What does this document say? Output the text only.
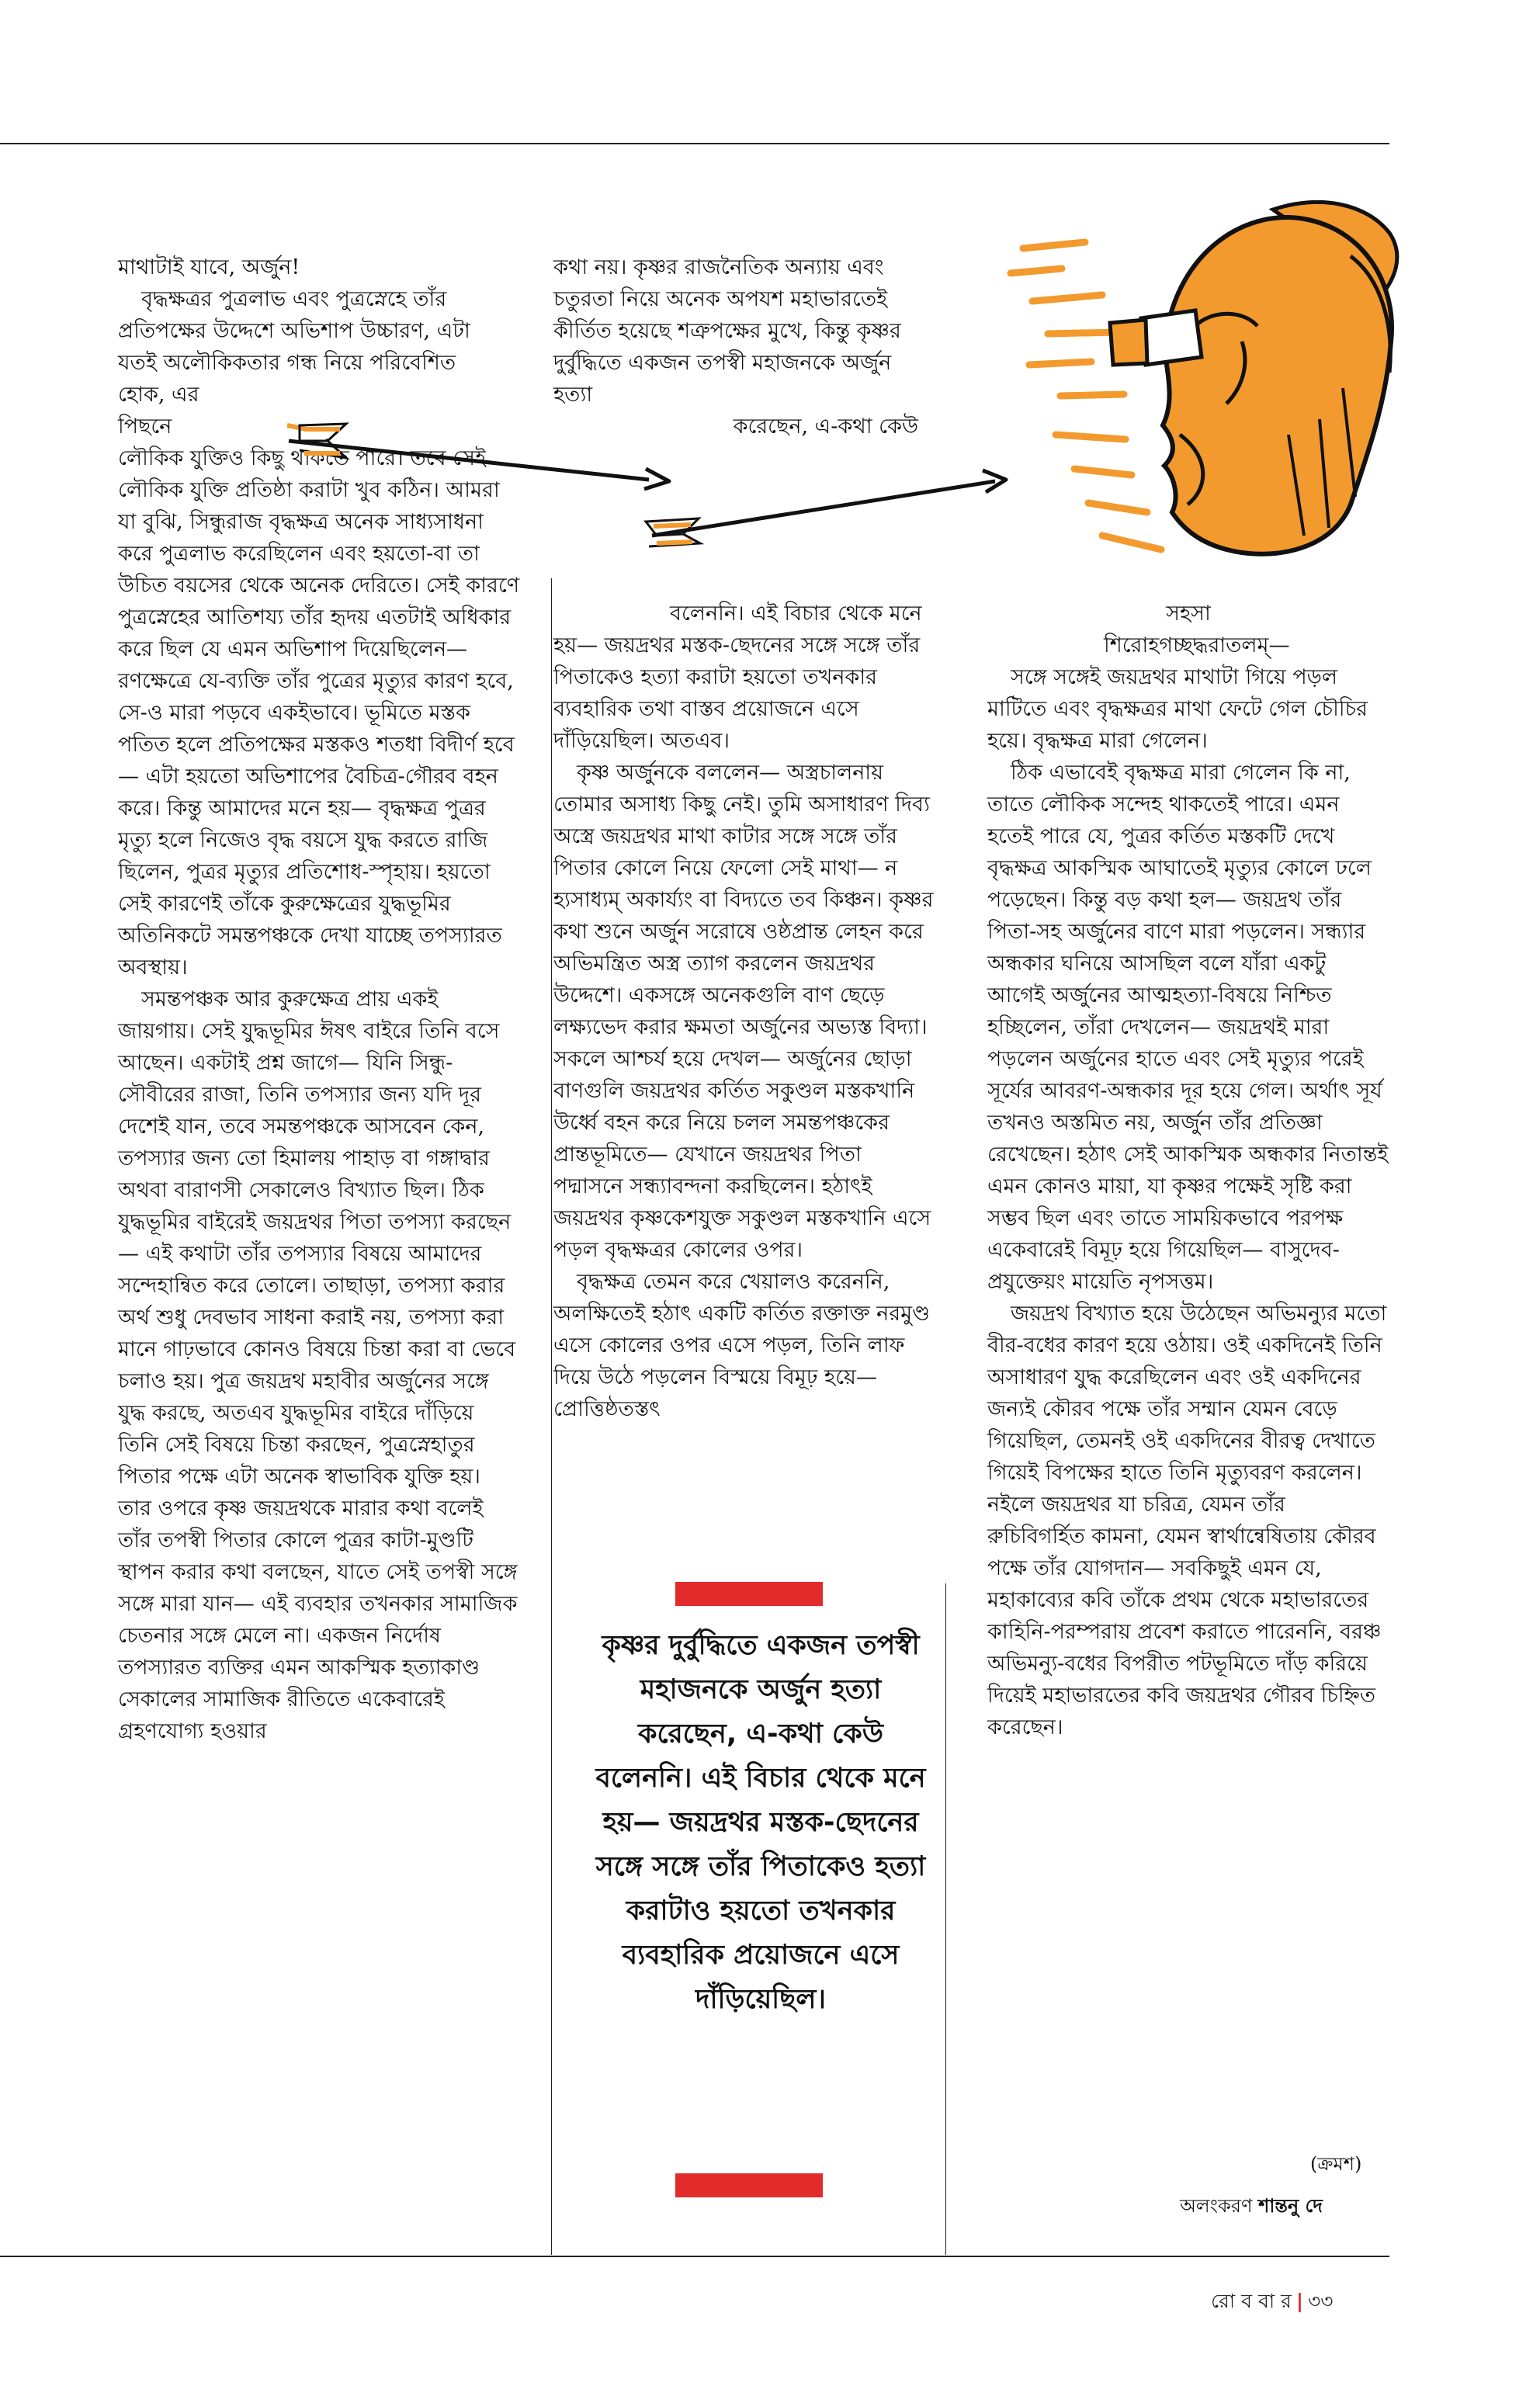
মাথাটাই যাবে, অর্জুন!

বৃদ্ধক্ষত্রর পুত্রলাভ এবং পুত্রস্নেহে তাঁর প্রতিপক্ষের উদ্দেশে অভিশাপ উচ্চারণ, এটা যতই অলৌকিকতার গন্ধ নিয়ে পরিবেশিত

হোক, এর

পিছনে

লৌকিক যুক্তিও কিছু থাকতে পারে। তবে সেই লৌকিক যুক্তি প্রতিষ্ঠা করাটা খুব কঠিন। আমরা যা বুঝি, সিন্ধুরাজ বৃদ্ধক্ষত্র অনেক সাধ্যসাধনা করে পুত্রলাভ করেছিলেন এবং হয়তো-বা তা উচিত বয়সের থেকে অনেক দেরিতে। সেই কারণে পুত্রস্নেহের আতিশয্য তাঁর হৃদয় এতটাই অধিকার করে ছিল যে এমন অভিশাপ দিয়েছিলেন— রণক্ষেত্রে যে-ব্যক্তি তাঁর পুত্রের মৃত্যুর কারণ হবে, সে-ও মারা পড়বে একইভাবে। ভূমিতে মস্তক পতিত হলে প্রতিপক্ষের মস্তকও শতধা বিদীর্ণ হবে— এটা হয়তো অভিশাপের বৈচিত্র-গৌরব বহন করে। কিন্তু আমাদের মনে হয়— বৃদ্ধক্ষত্র পুত্রর মৃত্যু হলে নিজেও বৃদ্ধ বয়সে যুদ্ধ করতে রাজি ছিলেন, পুত্রর মৃত্যুর প্রতিশোধ-স্পৃহায়। হয়তো সেই কারণেই তাঁকে কুরুক্ষেত্রের যুদ্ধভূমির অতিনিকটে সমন্তপঞ্চকে দেখা যাচ্ছে তপস্যারত অবস্থায়।

সমন্তপঞ্চক আর কুরুক্ষেত্র প্রায় একই জায়গায়। সেই যুদ্ধভূমির ঈষৎ বাইরে তিনি বসে আছেন। একটাই প্রশ্ন জাগে— যিনি সিন্ধু-সৌবীরের রাজা, তিনি তপস্যার জন্য যদি দূর দেশেই যান, তবে সমন্তপঞ্চকে আসবেন কেন, তপস্যার জন্য তো হিমালয় পাহাড় বা গঙ্গাদ্বার অথবা বারাণসী সেকালেও বিখ্যাত ছিল। ঠিক যুদ্ধভূমির বাইরেই জয়দ্রথর পিতা তপস্যা করছেন— এই কথাটা তাঁর তপস্যার বিষয়ে আমাদের সন্দেহান্বিত করে তোলে। তাছাড়া, তপস্যা করার অর্থ শুধু দেবভাব সাধনা করাই নয়, তপস্যা করা মানে গাঢ়ভাবে কোনও বিষয়ে চিন্তা করা বা ভেবে চলাও হয়। পুত্র জয়দ্রথ মহাবীর অর্জুনের সঙ্গে যুদ্ধ করছে, অতএব যুদ্ধভূমির বাইরে দাঁড়িয়ে তিনি সেই বিষয়ে চিন্তা করছেন, পুত্রস্নেহাতুর পিতার পক্ষে এটা অনেক স্বাভাবিক যুক্তি হয়। তার ওপরে কৃষ্ণ জয়দ্রথকে মারার কথা বলেই তাঁর তপস্বী পিতার কোলে পুত্রর কাটা-মুণ্ডটি স্থাপন করার কথা বলছেন, যাতে সেই তপস্বী সঙ্গে সঙ্গে মারা যান— এই ব্যবহার তখনকার সামাজিক চেতনার সঙ্গে মেলে না। একজন নির্দোষ তপস্যারত ব্যক্তির এমন আকস্মিক হত্যাকাণ্ড সেকালের সামাজিক রীতিতে একেবারেই গ্রহণযোগ্য হওয়ার

কথা নয়। কৃষ্ণর রাজনৈতিক অন্যায় এবং চতুরতা নিয়ে অনেক অপযশ মহাভারতেই কীর্তিত হয়েছে শত্রুপক্ষের মুখে, কিন্তু কৃষ্ণর দুর্বুদ্ধিতে একজন তপস্বী মহাজনকে অর্জুন হত্যা

করেছেন, এ-কথা কেউ

বলেননি। এই বিচার থেকে মনে হয়— জয়দ্রথর মস্তক-ছেদনের সঙ্গে সঙ্গে তাঁর পিতাকেও হত্যা করাটা হয়তো তখনকার ব্যবহারিক তথা বাস্তব প্রয়োজনে এসে দাঁড়িয়েছিল। অতএব।

কৃষ্ণ অর্জুনকে বললেন— অস্ত্রচালনায় তোমার অসাধ্য কিছু নেই। তুমি অসাধারণ দিব্য অস্ত্রে জয়দ্রথর মাথা কাটার সঙ্গে সঙ্গে তাঁর পিতার কোলে নিয়ে ফেলো সেই মাথা— ন হ্যসাধ্যম্ অকার্য্যং বা বিদ্যতে তব কিঞ্চন। কৃষ্ণর কথা শুনে অর্জুন সরোষে ওষ্ঠপ্রান্ত লেহন করে অভিমন্ত্রিত অস্ত্র ত্যাগ করলেন জয়দ্রথর উদ্দেশে। একসঙ্গে অনেকগুলি বাণ ছেড়ে লক্ষ্যভেদ করার ক্ষমতা অর্জুনের অভ্যস্ত বিদ্যা। সকলে আশ্চর্য হয়ে দেখল— অর্জুনের ছোড়া বাণগুলি জয়দ্রথর কর্তিত সকুণ্ডল মস্তকখানি উর্ধ্বে বহন করে নিয়ে চলল সমন্তপঞ্চকের প্রান্তভূমিতে— যেখানে জয়দ্রথর পিতা পদ্মাসনে সন্ধ্যাবন্দনা করছিলেন। হঠাৎই জয়দ্রথর কৃষ্ণকেশযুক্ত সকুণ্ডল মস্তকখানি এসে পড়ল বৃদ্ধক্ষত্রর কোলের ওপর।

বৃদ্ধক্ষত্র তেমন করে খেয়ালও করেননি, অলক্ষিতেই হঠাৎ একটি কর্তিত রক্তাক্ত নরমুণ্ড এসে কোলের ওপর এসে পড়ল, তিনি লাফ দিয়ে উঠে পড়লেন বিস্ময়ে বিমূঢ় হয়ে— প্রোত্তিষ্ঠতস্তৎ

কৃষ্ণর দুর্বুদ্ধিতে একজন তপস্বী মহাজনকে অর্জুন হত্যা করেছেন, এ-কথা কেউ বলেননি। এই বিচার থেকে মনে হয়— জয়দ্রথর মস্তক-ছেদনের সঙ্গে সঙ্গে তাঁর পিতাকেও হত্যা করাটাও হয়তো তখনকার ব্যবহারিক প্রয়োজনে এসে দাঁড়িয়েছিল।

সহসা

শিরোহগচ্ছদ্ধরাতলম্—

সঙ্গে সঙ্গেই জয়দ্রথর মাথাটা গিয়ে পড়ল মাটিতে এবং বৃদ্ধক্ষত্রর মাথা ফেটে গেল চৌচির হয়ে। বৃদ্ধক্ষত্র মারা গেলেন।

ঠিক এভাবেই বৃদ্ধক্ষত্র মারা গেলেন কি না, তাতে লৌকিক সন্দেহ থাকতেই পারে। এমন হতেই পারে যে, পুত্রর কর্তিত মস্তকটি দেখে বৃদ্ধক্ষত্র আকস্মিক আঘাতেই মৃত্যুর কোলে ঢলে পড়েছেন। কিন্তু বড় কথা হল— জয়দ্রথ তাঁর পিতা-সহ অর্জুনের বাণে মারা পড়লেন। সন্ধ্যার অন্ধকার ঘনিয়ে আসছিল বলে যাঁরা একটু আগেই অর্জুনের আত্মহত্যা-বিষয়ে নিশ্চিত হচ্ছিলেন, তাঁরা দেখলেন— জয়দ্রথই মারা পড়লেন অর্জুনের হাতে এবং সেই মৃত্যুর পরেই সূর্যের আবরণ-অন্ধকার দূর হয়ে গেল। অর্থাৎ সূর্য তখনও অস্তমিত নয়, অর্জুন তাঁর প্রতিজ্ঞা রেখেছেন। হঠাৎ সেই আকস্মিক অন্ধকার নিতান্তই এমন কোনও মায়া, যা কৃষ্ণর পক্ষেই সৃষ্টি করা সম্ভব ছিল এবং তাতে সাময়িকভাবে পরপক্ষ একেবারেই বিমূঢ় হয়ে গিয়েছিল— বাসুদেব-প্রযুক্তেয়ং মায়েতি নৃপসত্তম।

জয়দ্রথ বিখ্যাত হয়ে উঠেছেন অভিমন্যুর মতো বীর-বধের কারণ হয়ে ওঠায়। ওই একদিনেই তিনি অসাধারণ যুদ্ধ করেছিলেন এবং ওই একদিনের জন্যই কৌরব পক্ষে তাঁর সম্মান যেমন বেড়ে গিয়েছিল, তেমনই ওই একদিনের বীরত্ব দেখাতে গিয়েই বিপক্ষের হাতে তিনি মৃত্যুবরণ করলেন। নইলে জয়দ্রথর যা চরিত্র, যেমন তাঁর রুচিবিগর্হিত কামনা, যেমন স্বার্থান্বেষিতায় কৌরব পক্ষে তাঁর যোগদান— সবকিছুই এমন যে, মহাকাব্যের কবি তাঁকে প্রথম থেকে মহাভারতের কাহিনি-পরম্পরায় প্রবেশ করাতে পারেননি, বরঞ্চ অভিমন্যু-বধের বিপরীত পটভূমিতে দাঁড় করিয়ে দিয়েই মহাভারতের কবি জয়দ্রথর গৌরব চিহ্নিত করেছেন।

(ক্রমশ)
অলংকরণ শান্তনু দে
রো ব বা র | ৩৩
